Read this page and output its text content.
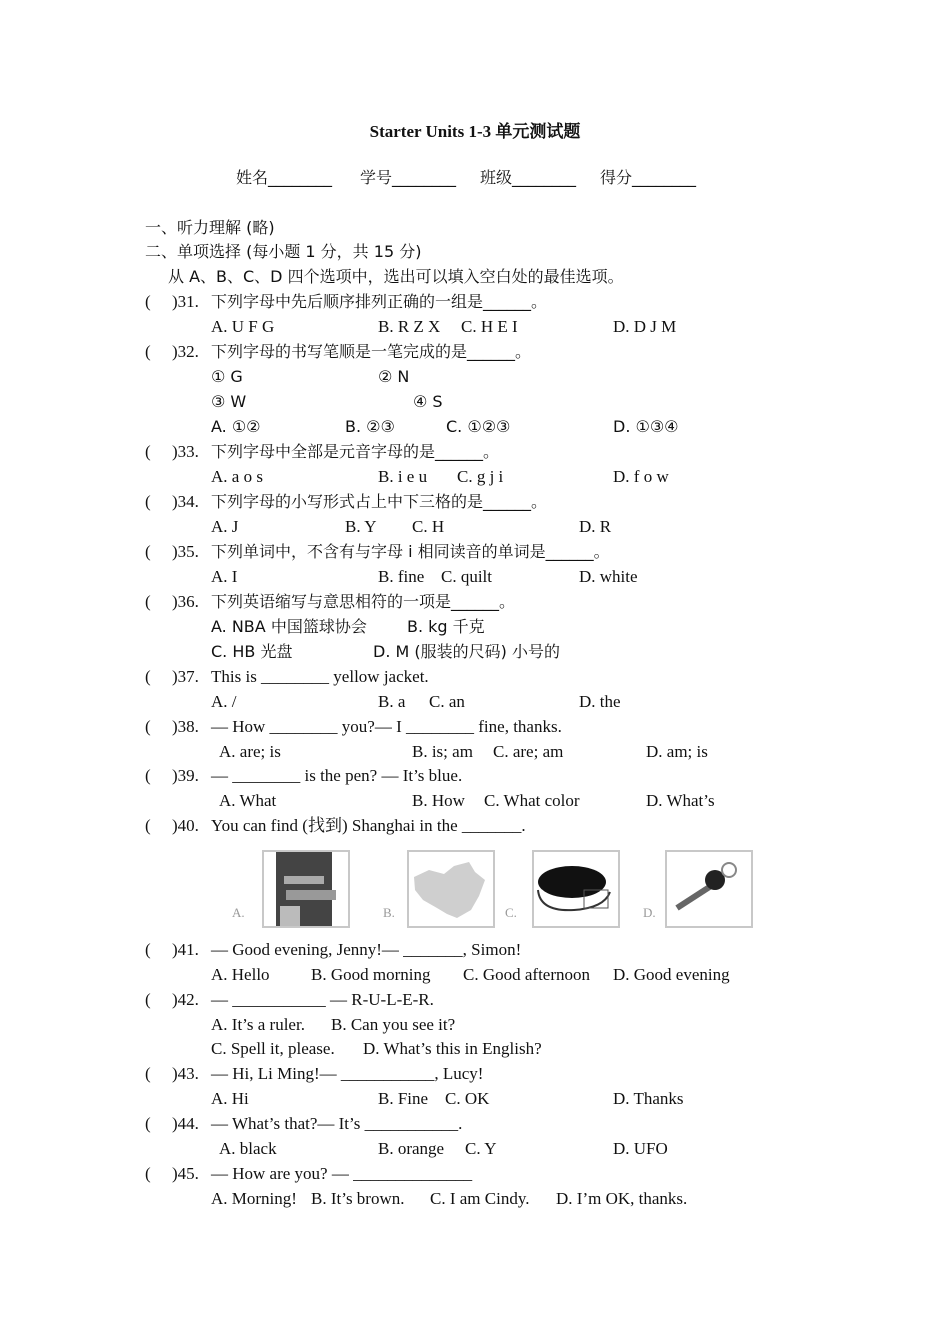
Starter Units 1-3 单元测试题
姓名________ 学号________ 班级________ 得分________
一、听力理解 (略)
二、单项选择 (每小题 1 分，共 15 分)
从 A、B、C、D 四个选项中，选出可以填入空白处的最佳选项。
( )31. 下列字母中先后顺序排列正确的一组是______。
A. U F G	B. R Z X C. H E I	D. D J M
( )32. 下列字母的书写笔顺是一笔完成的是______。
① G	② N
③ W	④ S
A. ①②	B. ②③	C. ①②③	D. ①③④
( )33. 下列字母中全部是元音字母的是______。
A. a o s	B. i e u C. g j i	D. f o w
( )34. 下列字母的小写形式占上中下三格的是______。
A. J	B. Y C. H	D. R
( )35. 下列单词中，不含有与字母 i 相同读音的单词是______。
A. I	B. fine C. quilt	D. white
( )36. 下列英语缩写与意思相符的一项是______。
A. NBA 中国篮球协会	B. kg 千克
C. HB 光盘	D. M (服装的尺码) 小号的
( )37. This is ________ yellow jacket.
A. /	B. a C. an	D. the
( )38. — How ________ you?— I ________ fine, thanks.
A. are; is	B. is; am C. are; am	D. am; is
( )39. — ________ is the pen? — It’s blue.
A. What	B. How C. What color	D. What’s
( )40. You can find (找到) Shanghai in the _______.
( )41. — Good evening, Jenny!— _______, Simon!
A. Hello B. Good morning C. Good afternoon D. Good evening
( )42. — ___________ — R-U-L-E-R.
A. It’s a ruler. B. Can you see it?
C. Spell it, please. D. What’s this in English?
( )43. — Hi, Li Ming!— ___________, Lucy!
A. Hi	B. Fine C. OK	D. Thanks
( )44. — What’s that?— It’s ___________.
A. black	B. orange C. Y	D. UFO
( )45. — How are you? — ______________
A. Morning! B. It’s brown. C. I am Cindy. D. I’m OK, thanks.
A.	B.	C.	D.
